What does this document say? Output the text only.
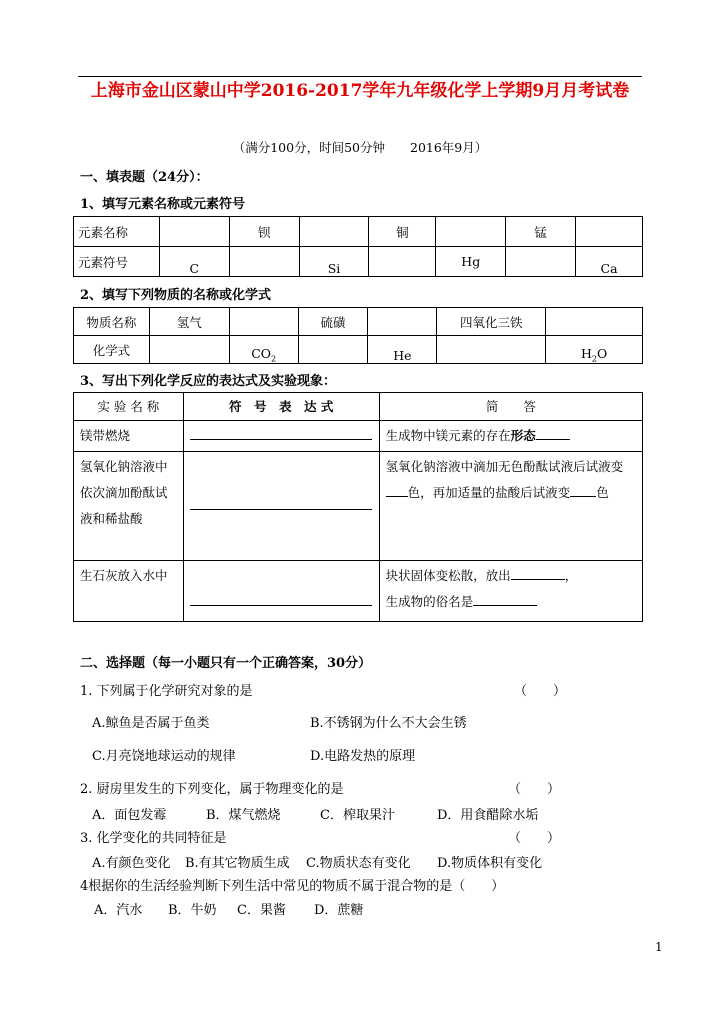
上海市金山区蒙山中学2016-2017学年九年级化学上学期9月月考试卷
（满分100分，时间50分钟　　2016年9月）
一、填表题（24分）：
1、填写元素名称或元素符号
元素名称		钡		铜		锰	
元素符号	C		Si		Hg		Ca
2、填写下列物质的名称或化学式
物质名称	氢气		硫磺		四氧化三铁	
化学式		$CO_2$		He		$H_2O$
3、写出下列化学反应的表达式及实验现象：
实 验 名 称	符　号　表　达 式	简　　答
镁带燃烧		生成物中镁元素的存在形态
氢氧化钠溶液中依次滴加酚酞试液和稀盐酸		氢氧化钠溶液中滴加无色酚酞试液后试液变色，再加适量的盐酸后试液变 色
生石灰放入水中		块状固体变松散，放出 ，
生成物的俗名是
二、选择题（每一小题只有一个正确答案，30分）
1. 下列属于化学研究对象的是	（　　）
A.鲸鱼是否属于鱼类	B.不锈钢为什么不大会生锈
C.月亮饶地球运动的规律	D.电路发热的原理
2. 厨房里发生的下列变化，属于物理变化的是	（　　）
A．面包发霉	B．煤气燃烧	C．榨取果汁	D．用食醋除水垢
3. 化学变化的共同特征是	（　　）
A.有颜色变化 B.有其它物质生成 C.物质状态有变化 D.物质体积有变化
4根据你的生活经验判断下列生活中常见的物质不属于混合物的是（　　）
A．汽水 B．牛奶 C．果酱 D．蔗糖
1
